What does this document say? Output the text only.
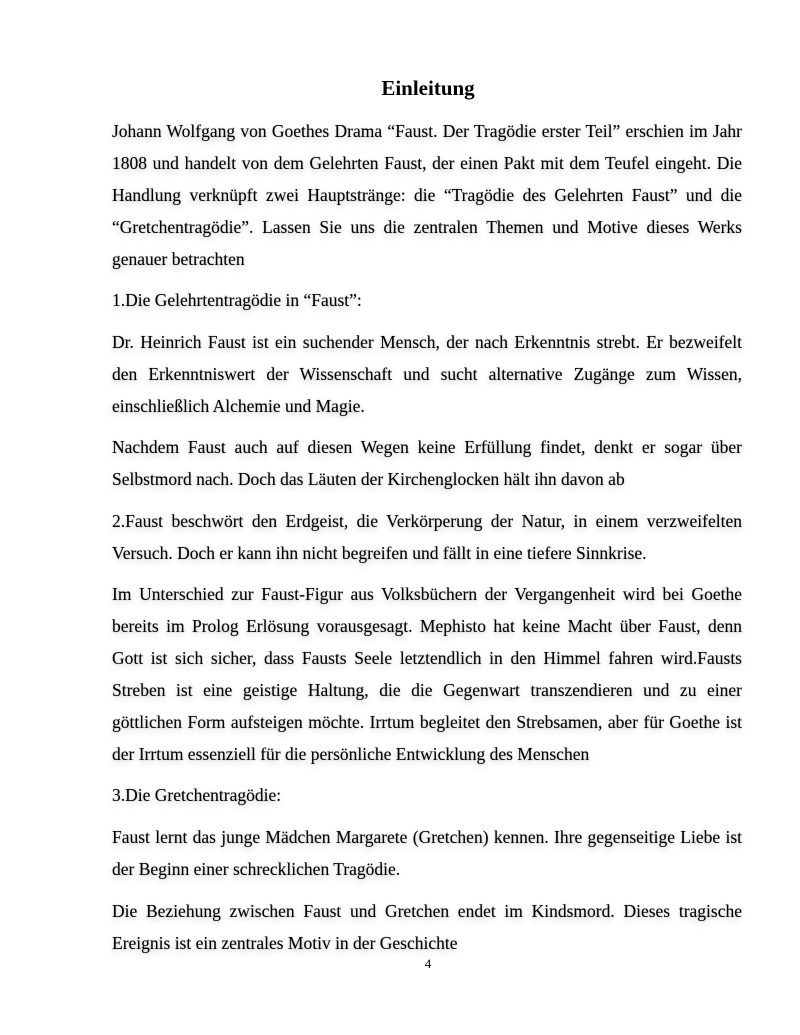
Einleitung

Johann Wolfgang von Goethes Drama “Faust. Der Tragödie erster Teil” erschien im Jahr 1808 und handelt von dem Gelehrten Faust, der einen Pakt mit dem Teufel eingeht. Die Handlung verknüpft zwei Hauptstränge: die “Tragödie des Gelehrten Faust” und die “Gretchentragödie”. Lassen Sie uns die zentralen Themen und Motive dieses Werks genauer betrachten

1.Die Gelehrtentragödie in “Faust”:

Dr. Heinrich Faust ist ein suchender Mensch, der nach Erkenntnis strebt. Er bezweifelt den Erkenntniswert der Wissenschaft und sucht alternative Zugänge zum Wissen, einschließlich Alchemie und Magie.

Nachdem Faust auch auf diesen Wegen keine Erfüllung findet, denkt er sogar über Selbstmord nach. Doch das Läuten der Kirchenglocken hält ihn davon ab

2.Faust beschwört den Erdgeist, die Verkörperung der Natur, in einem verzweifelten Versuch. Doch er kann ihn nicht begreifen und fällt in eine tiefere Sinnkrise.

Im Unterschied zur Faust-Figur aus Volksbüchern der Vergangenheit wird bei Goethe bereits im Prolog Erlösung vorausgesagt. Mephisto hat keine Macht über Faust, denn Gott ist sich sicher, dass Fausts Seele letztendlich in den Himmel fahren wird.Fausts Streben ist eine geistige Haltung, die die Gegenwart transzendieren und zu einer göttlichen Form aufsteigen möchte. Irrtum begleitet den Strebsamen, aber für Goethe ist der Irrtum essenziell für die persönliche Entwicklung des Menschen

3.Die Gretchentragödie:

Faust lernt das junge Mädchen Margarete (Gretchen) kennen. Ihre gegenseitige Liebe ist der Beginn einer schrecklichen Tragödie.

Die Beziehung zwischen Faust und Gretchen endet im Kindsmord. Dieses tragische Ereignis ist ein zentrales Motiv in der Geschichte

4
